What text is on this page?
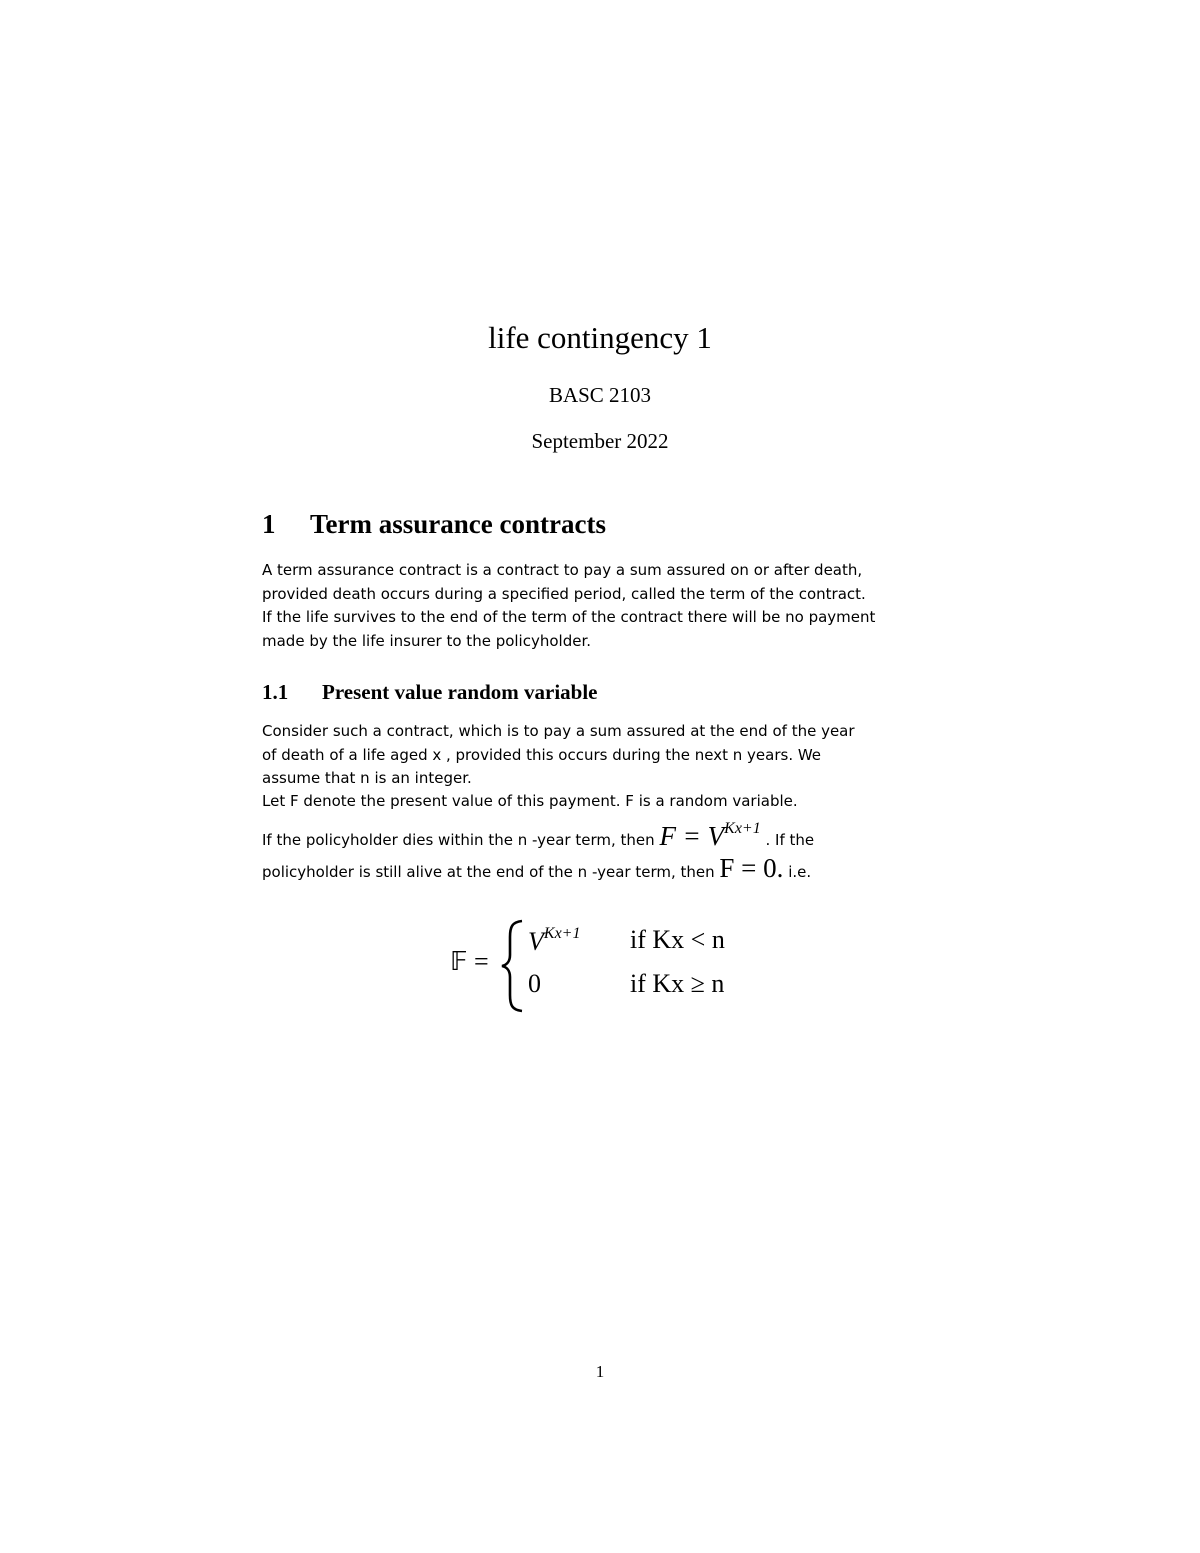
life contingency 1
BASC 2103
September 2022
1 Term assurance contracts
A term assurance contract is a contract to pay a sum assured on or after death,
provided death occurs during a specified period, called the term of the contract.
If the life survives to the end of the term of the contract there will be no payment
made by the life insurer to the policyholder.
1.1 Present value random variable
Consider such a contract, which is to pay a sum assured at the end of the year
of death of a life aged x , provided this occurs during the next n years. We
assume that n is an integer.
Let F denote the present value of this payment. F is a random variable.
If the policyholder dies within the n -year term, then F = VKx+1 . If the
policyholder is still alive at the end of the n -year term, then F = 0. i.e.
𝔽 =
$V^{Kx+1}$ if Kx < n
0	if Kx ≥ n
1
